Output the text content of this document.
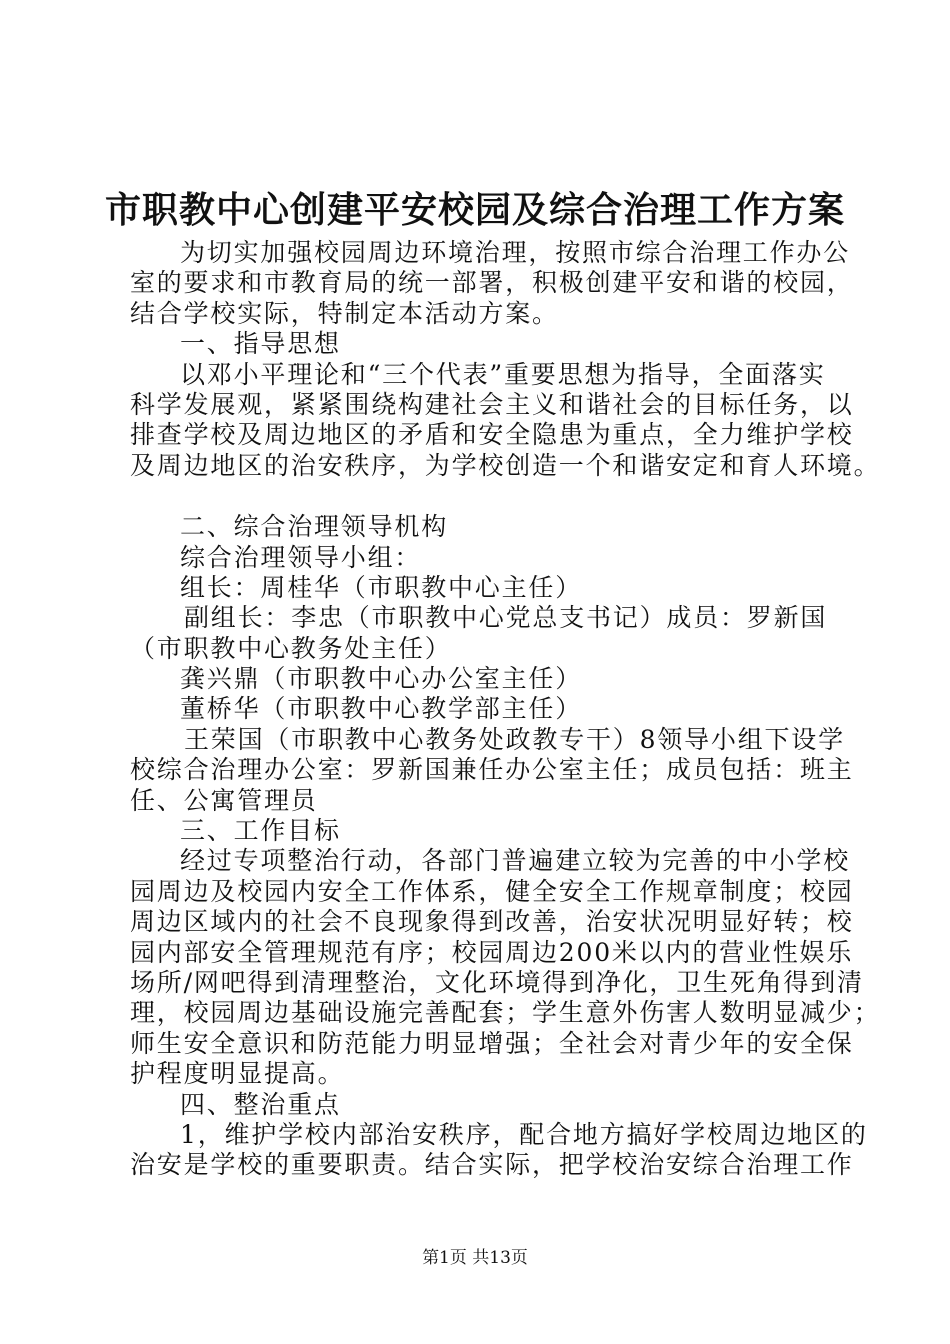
市职教中心创建平安校园及综合治理工作方案
为切实加强校园周边环境治理，按照市综合治理工作办公
室的要求和市教育局的统一部署，积极创建平安和谐的校园，
结合学校实际，特制定本活动方案。
一、指导思想
以邓小平理论和“三个代表”重要思想为指导，全面落实
科学发展观，紧紧围绕构建社会主义和谐社会的目标任务，以
排查学校及周边地区的矛盾和安全隐患为重点，全力维护学校
及周边地区的治安秩序，为学校创造一个和谐安定和育人环境。
二、综合治理领导机构
综合治理领导小组：
组长：周桂华（市职教中心主任）
副组长：李忠（市职教中心党总支书记）成员：罗新国
（市职教中心教务处主任）
龚兴鼎（市职教中心办公室主任）
董桥华（市职教中心教学部主任）
王荣国（市职教中心教务处政教专干）8领导小组下设学
校综合治理办公室：罗新国兼任办公室主任；成员包括：班主
任、公寓管理员
三、工作目标
经过专项整治行动，各部门普遍建立较为完善的中小学校
园周边及校园内安全工作体系，健全安全工作规章制度；校园
周边区域内的社会不良现象得到改善，治安状况明显好转；校
园内部安全管理规范有序；校园周边200米以内的营业性娱乐
场所/网吧得到清理整治，文化环境得到净化，卫生死角得到清
理，校园周边基础设施完善配套；学生意外伤害人数明显减少；
师生安全意识和防范能力明显增强；全社会对青少年的安全保
护程度明显提高。
四、整治重点
1，维护学校内部治安秩序，配合地方搞好学校周边地区的
治安是学校的重要职责。结合实际，把学校治安综合治理工作
第1页 共13页
